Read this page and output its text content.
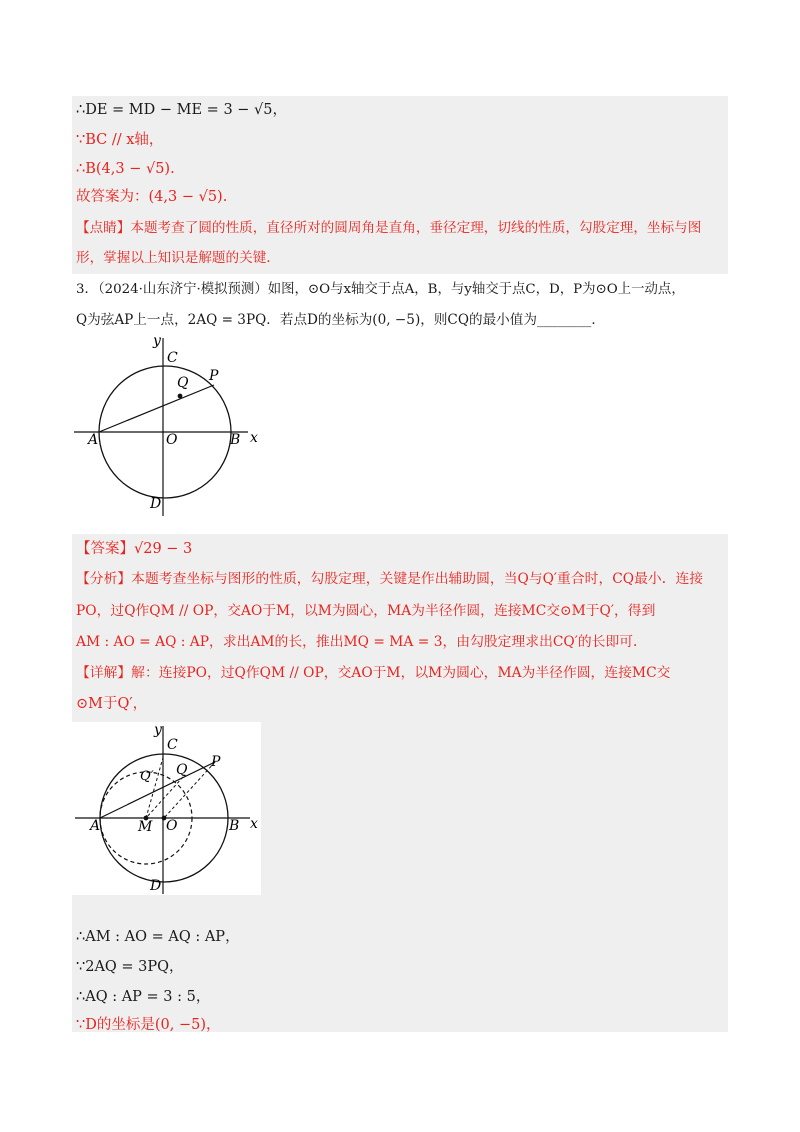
∴DE = MD − ME = 3 − √5，
∵BC // x轴，
∴B(4,3 − √5).
故答案为：(4,3 − √5).
【点睛】本题考查了圆的性质，直径所对的圆周角是直角，垂径定理，切线的性质，勾股定理，坐标与图
形，掌握以上知识是解题的关键.
3．（2024·山东济宁·模拟预测）如图，⊙O与x轴交于点A，B，与y轴交于点C，D，P为⊙O上一动点，
Q为弦AP上一点，2AQ = 3PQ．若点D的坐标为(0, −5)，则CQ的最小值为________．
y
x
C
Q P
A	O	B
D
【答案】√29 − 3
【分析】本题考查坐标与图形的性质，勾股定理，关键是作出辅助圆，当Q与Q′重合时，CQ最小．连接
PO，过Q作QM // OP，交AO于M，以M为圆心，MA为半径作圆，连接MC交⊙M于Q′，得到
AM : AO = AQ : AP，求出AM的长，推出MQ = MA = 3，由勾股定理求出CQ′的长即可．
【详解】解：连接PO，过Q作QM // OP，交AO于M，以M为圆心，MA为半径作圆，连接MC交
⊙M于Q′，
y
x
C
Q′ Q P
A	M O	B
D
∴AM : AO = AQ : AP，
∵2AQ = 3PQ，
∴AQ : AP = 3 : 5，
∵D的坐标是(0, −5)，
